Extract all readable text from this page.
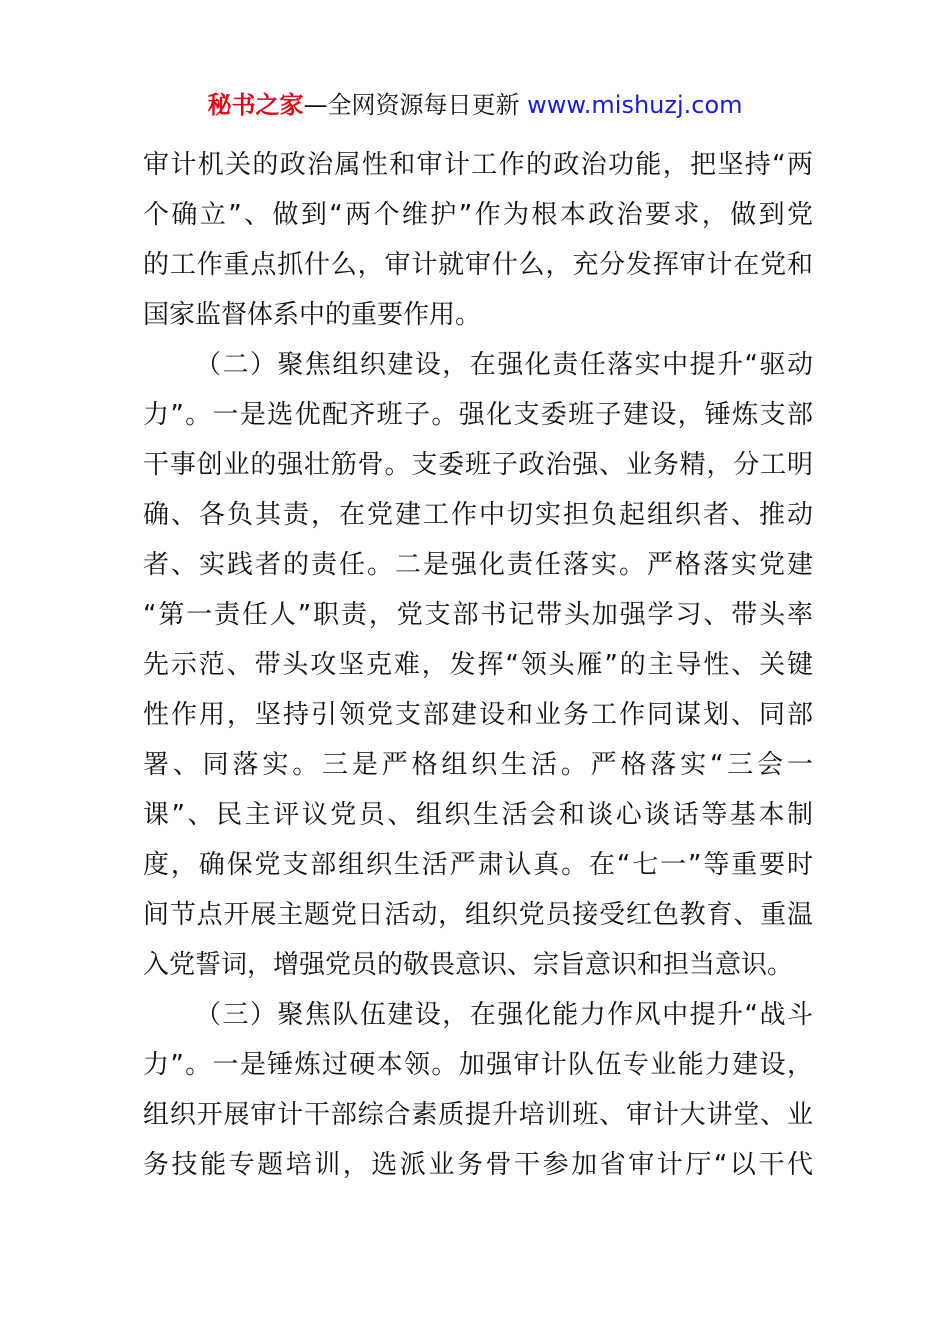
秘书之家—全网资源每日更新 www.mishuzj.com
审计机关的政治属性和审计工作的政治功能，把坚持“两
个确立”、做到“两个维护”作为根本政治要求，做到党
的工作重点抓什么，审计就审什么，充分发挥审计在党和
国家监督体系中的重要作用。
（二）聚焦组织建设，在强化责任落实中提升“驱动
力”。一是选优配齐班子。强化支委班子建设，锤炼支部
干事创业的强壮筋骨。支委班子政治强、业务精，分工明
确、各负其责，在党建工作中切实担负起组织者、推动
者、实践者的责任。二是强化责任落实。严格落实党建
“第一责任人”职责，党支部书记带头加强学习、带头率
先示范、带头攻坚克难，发挥“领头雁”的主导性、关键
性作用，坚持引领党支部建设和业务工作同谋划、同部
署、同落实。三是严格组织生活。严格落实“三会一
课”、民主评议党员、组织生活会和谈心谈话等基本制
度，确保党支部组织生活严肃认真。在“七一”等重要时
间节点开展主题党日活动，组织党员接受红色教育、重温
入党誓词，增强党员的敬畏意识、宗旨意识和担当意识。
（三）聚焦队伍建设，在强化能力作风中提升“战斗
力”。一是锤炼过硬本领。加强审计队伍专业能力建设，
组织开展审计干部综合素质提升培训班、审计大讲堂、业
务技能专题培训，选派业务骨干参加省审计厅“以干代
